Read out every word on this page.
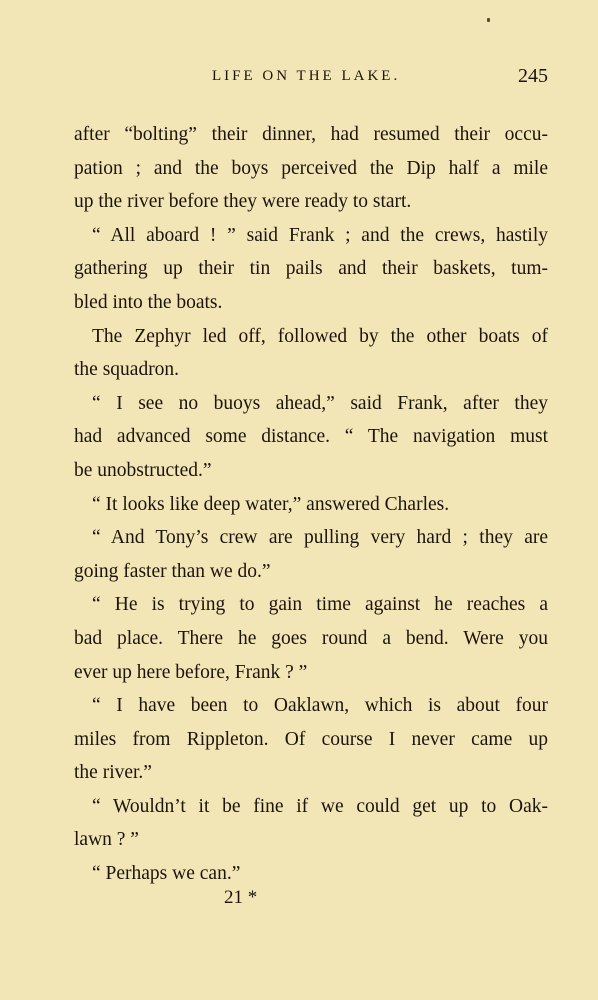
LIFE ON THE LAKE.	245
after “bolting” their dinner, had resumed their occu-
pation ; and the boys perceived the Dip half a mile
up the river before they were ready to start.
“ All aboard ! ” said Frank ; and the crews, hastily
gathering up their tin pails and their baskets, tum-
bled into the boats.
The Zephyr led off, followed by the other boats of
the squadron.
“ I see no buoys ahead,” said Frank, after they
had advanced some distance. “ The navigation must
be unobstructed.”
“ It looks like deep water,” answered Charles.
“ And Tony’s crew are pulling very hard ; they are
going faster than we do.”
“ He is trying to gain time against he reaches a
bad place. There he goes round a bend. Were you
ever up here before, Frank ? ”
“ I have been to Oaklawn, which is about four
miles from Rippleton. Of course I never came up
the river.”
“ Wouldn’t it be fine if we could get up to Oak-
lawn ? ”
“ Perhaps we can.”
21 *
